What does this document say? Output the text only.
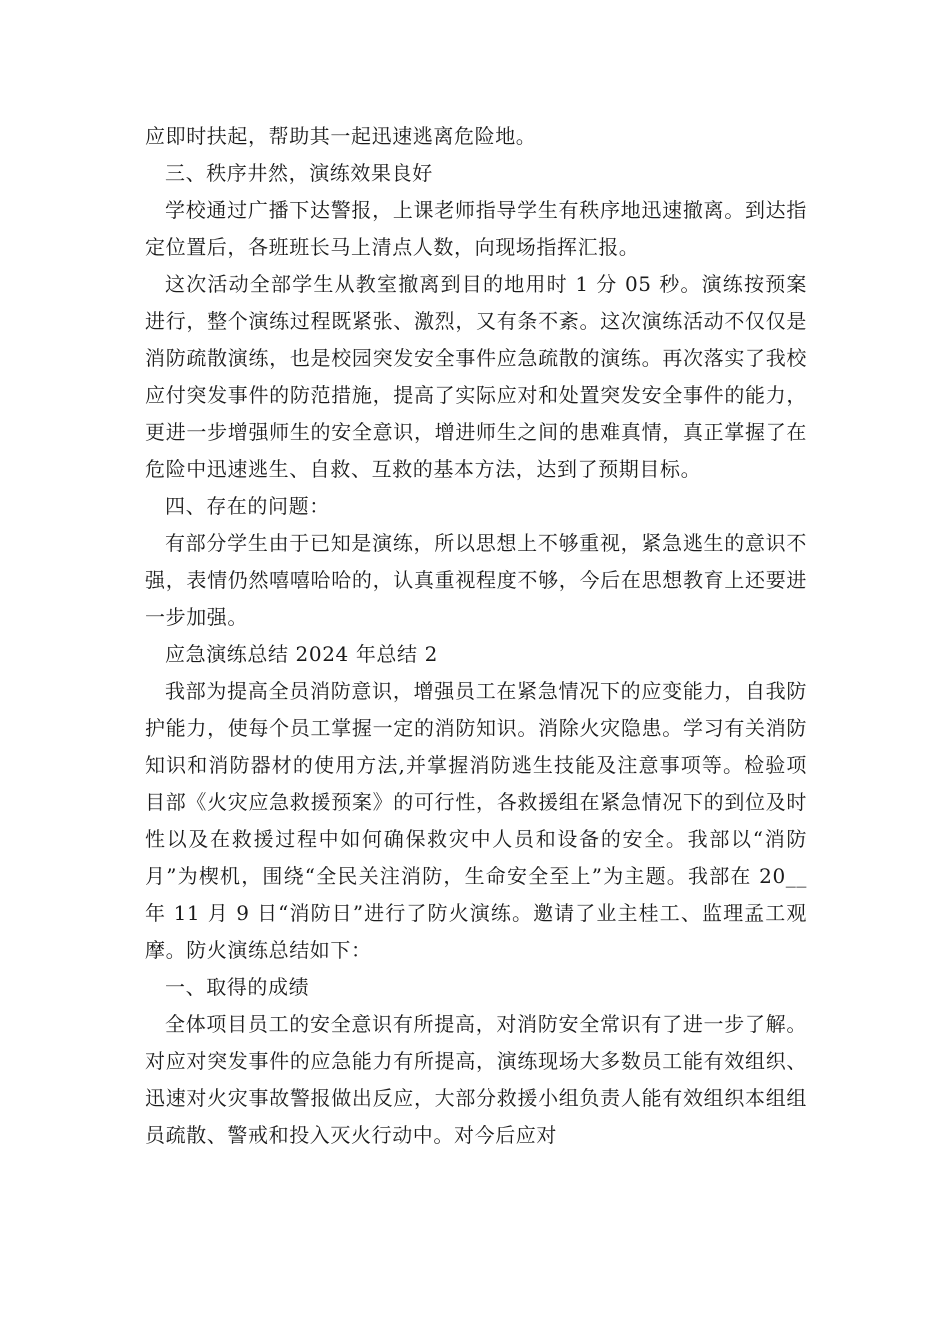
应即时扶起，帮助其一起迅速逃离危险地。

三、秩序井然，演练效果良好

学校通过广播下达警报，上课老师指导学生有秩序地迅速撤离。到达指定位置后，各班班长马上清点人数，向现场指挥汇报。

这次活动全部学生从教室撤离到目的地用时 1 分 05 秒。演练按预案进行，整个演练过程既紧张、激烈，又有条不紊。这次演练活动不仅仅是消防疏散演练，也是校园突发安全事件应急疏散的演练。再次落实了我校应付突发事件的防范措施，提高了实际应对和处置突发安全事件的能力，更进一步增强师生的安全意识，增进师生之间的患难真情，真正掌握了在危险中迅速逃生、自救、互救的基本方法，达到了预期目标。

四、存在的问题：

有部分学生由于已知是演练，所以思想上不够重视，紧急逃生的意识不强，表情仍然嘻嘻哈哈的，认真重视程度不够，今后在思想教育上还要进一步加强。

应急演练总结 2024 年总结 2

我部为提高全员消防意识，增强员工在紧急情况下的应变能力，自我防护能力，使每个员工掌握一定的消防知识。消除火灾隐患。学习有关消防知识和消防器材的使用方法,并掌握消防逃生技能及注意事项等。检验项目部《火灾应急救援预案》的可行性，各救援组在紧急情况下的到位及时性以及在救援过程中如何确保救灾中人员和设备的安全。我部以“消防月”为楔机，围绕“全民关注消防，生命安全至上”为主题。我部在 20__年 11 月 9 日“消防日”进行了防火演练。邀请了业主桂工、监理孟工观摩。防火演练总结如下：

一、取得的成绩

全体项目员工的安全意识有所提高，对消防安全常识有了进一步了解。对应对突发事件的应急能力有所提高，演练现场大多数员工能有效组织、迅速对火灾事故警报做出反应，大部分救援小组负责人能有效组织本组组员疏散、警戒和投入灭火行动中。对今后应对
